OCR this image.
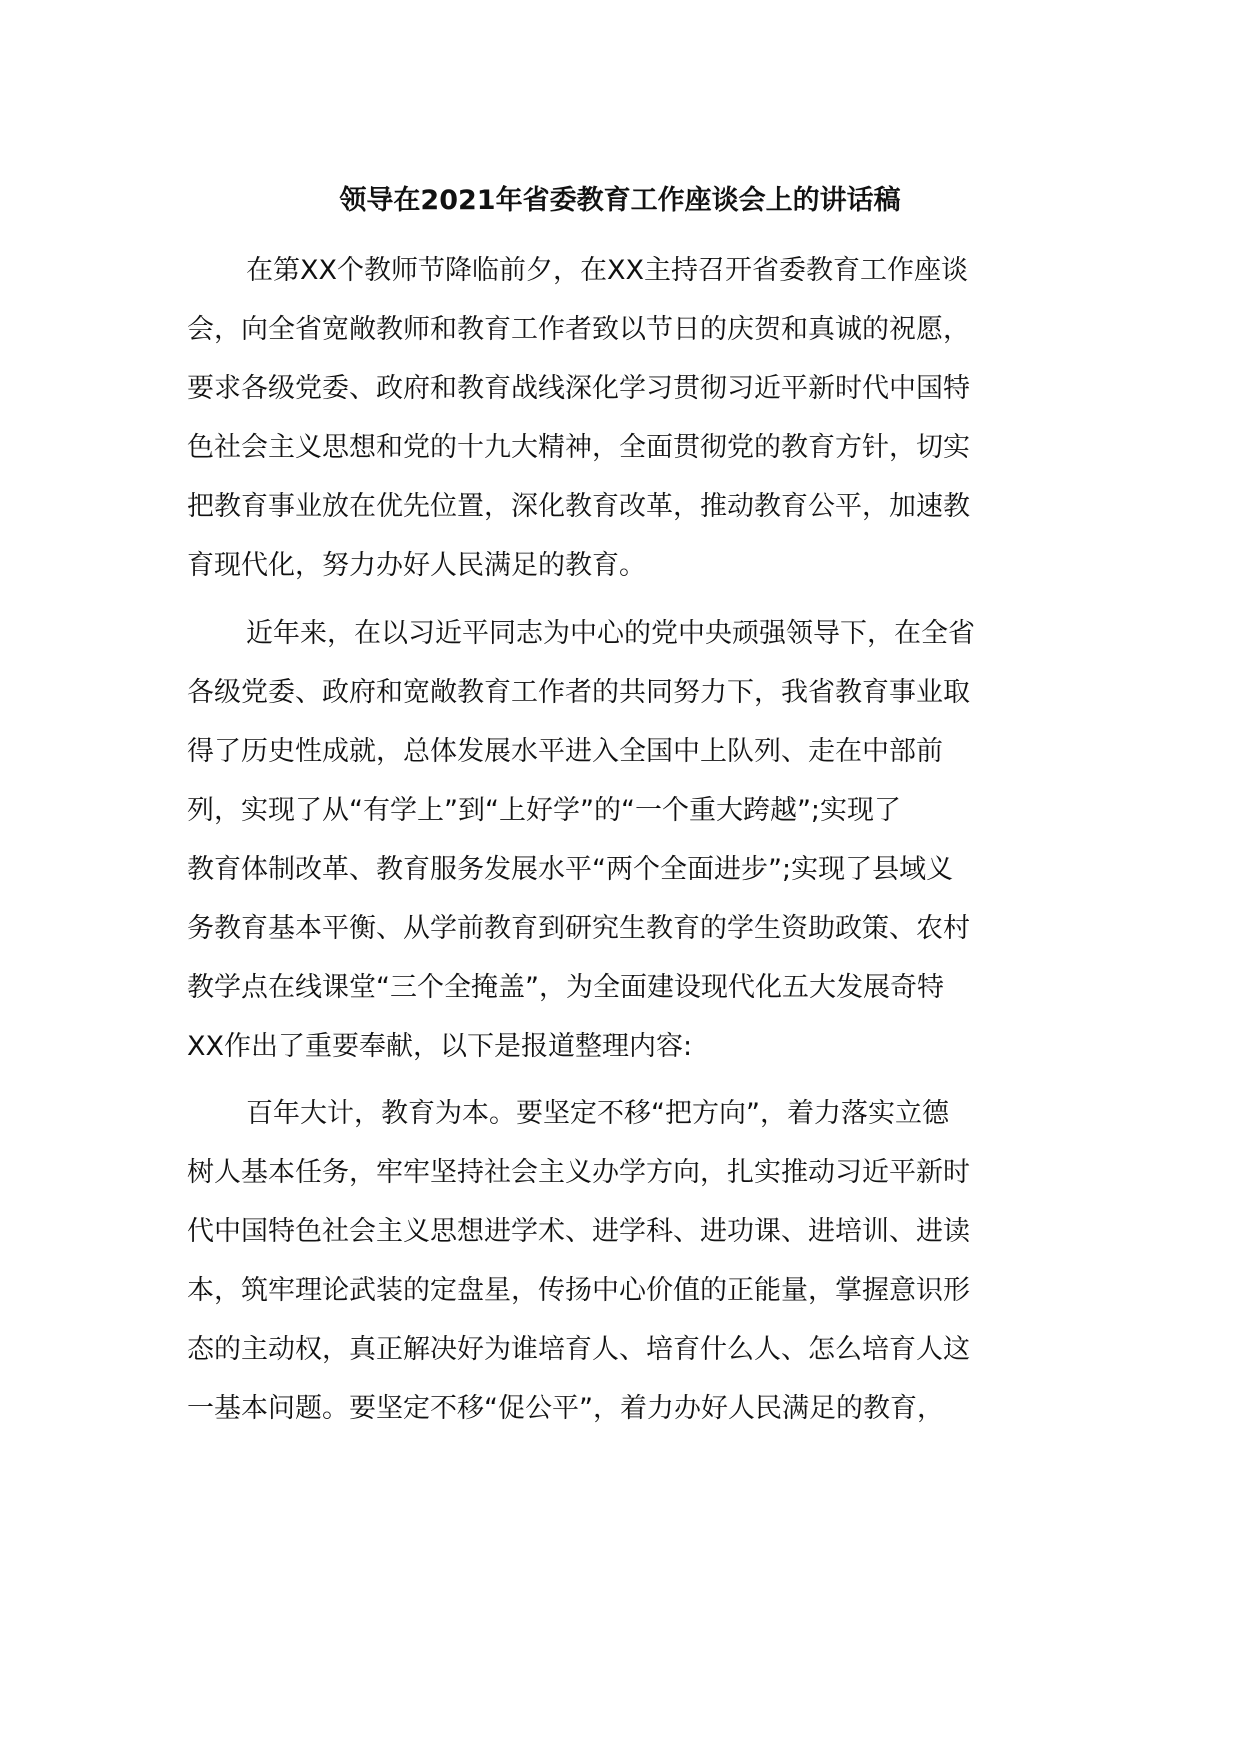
领导在2021年省委教育工作座谈会上的讲话稿

在第XX个教师节降临前夕，在XX主持召开省委教育工作座谈

会，向全省宽敞教师和教育工作者致以节日的庆贺和真诚的祝愿，

要求各级党委、政府和教育战线深化学习贯彻习近平新时代中国特

色社会主义思想和党的十九大精神，全面贯彻党的教育方针，切实

把教育事业放在优先位置，深化教育改革，推动教育公平，加速教

育现代化，努力办好人民满足的教育。

近年来，在以习近平同志为中心的党中央顽强领导下，在全省

各级党委、政府和宽敞教育工作者的共同努力下，我省教育事业取

得了历史性成就，总体发展水平进入全国中上队列、走在中部前

列，实现了从“有学上”到“上好学”的“一个重大跨越”;实现了

教育体制改革、教育服务发展水平“两个全面进步”;实现了县域义

务教育基本平衡、从学前教育到研究生教育的学生资助政策、农村

教学点在线课堂“三个全掩盖”，为全面建设现代化五大发展奇特

XX作出了重要奉献，以下是报道整理内容:

百年大计，教育为本。要坚定不移“把方向”，着力落实立德

树人基本任务，牢牢坚持社会主义办学方向，扎实推动习近平新时

代中国特色社会主义思想进学术、进学科、进功课、进培训、进读

本，筑牢理论武装的定盘星，传扬中心价值的正能量，掌握意识形

态的主动权，真正解决好为谁培育人、培育什么人、怎么培育人这

一基本问题。要坚定不移“促公平”，着力办好人民满足的教育，
